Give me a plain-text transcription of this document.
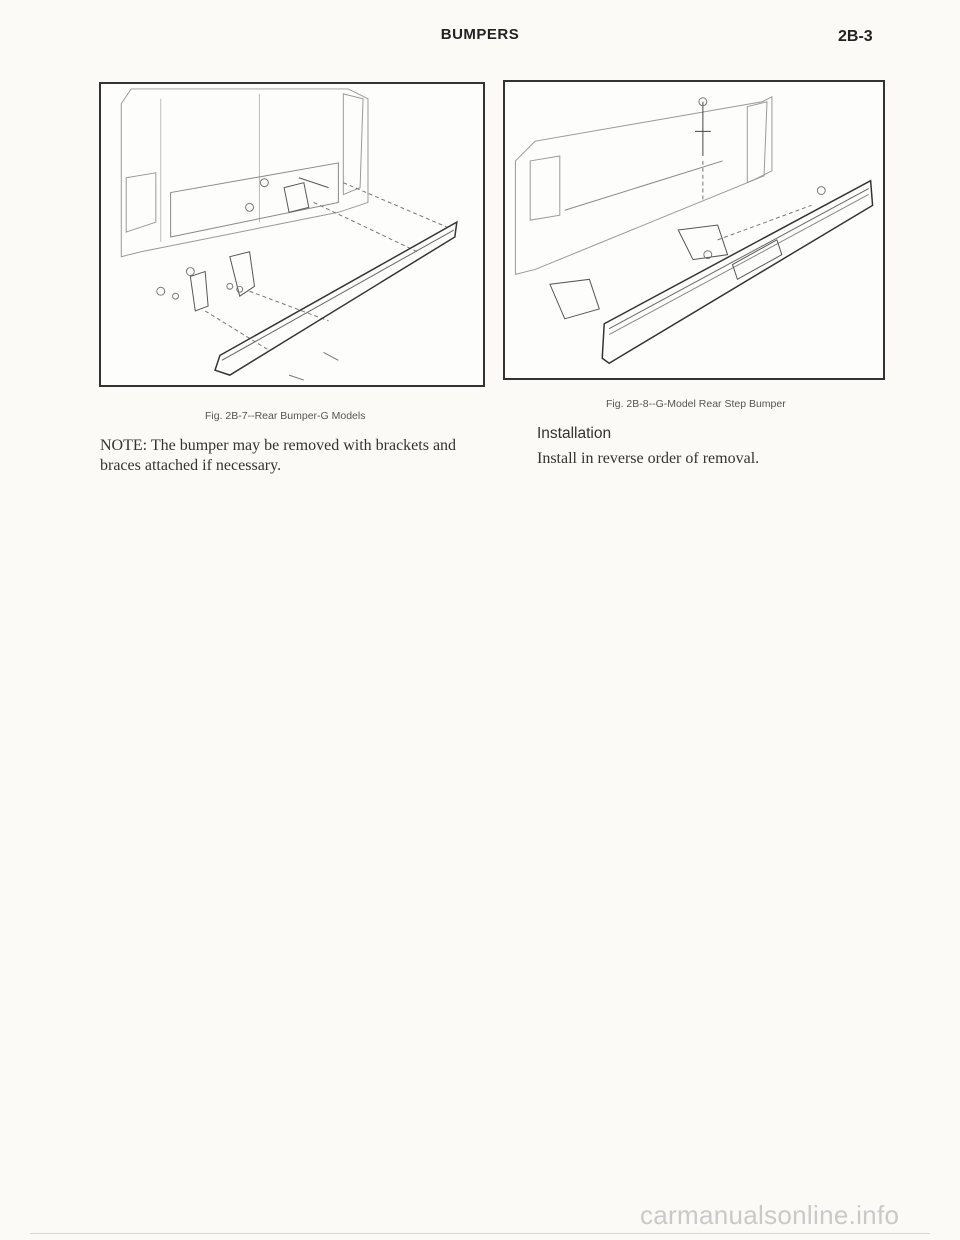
BUMPERS	2B-3
Fig. 2B-7--Rear Bumper-G Models
Fig. 2B-8--G-Model Rear Step Bumper
NOTE: The bumper may be removed with brackets and braces attached if necessary.
Installation
Install in reverse order of removal.
carmanualsonline.info
